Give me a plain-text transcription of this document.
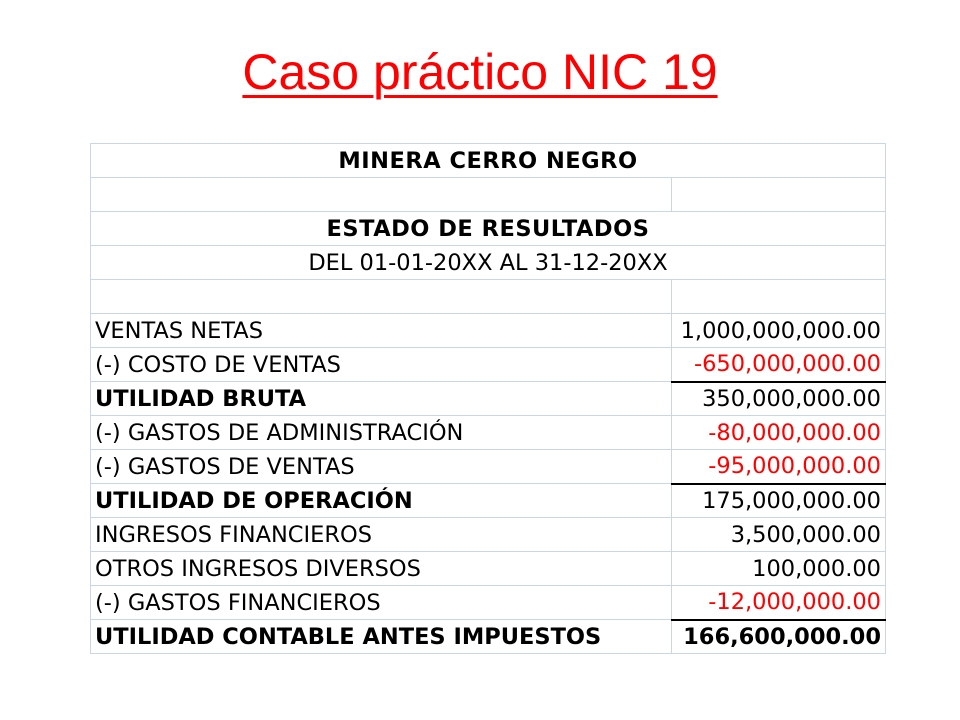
Caso práctico NIC 19
MINERA CERRO NEGRO	

ESTADO DE RESULTADOS	
DEL 01-01-20XX AL 31-12-20XX	

VENTAS NETAS	1,000,000,000.00
(-) COSTO DE VENTAS	-650,000,000.00
UTILIDAD BRUTA	350,000,000.00
(-) GASTOS DE ADMINISTRACIÓN	-80,000,000.00
(-) GASTOS DE VENTAS	-95,000,000.00
UTILIDAD DE OPERACIÓN	175,000,000.00
INGRESOS FINANCIEROS	3,500,000.00
OTROS INGRESOS DIVERSOS	100,000.00
(-) GASTOS FINANCIEROS	-12,000,000.00
UTILIDAD CONTABLE ANTES IMPUESTOS	166,600,000.00
